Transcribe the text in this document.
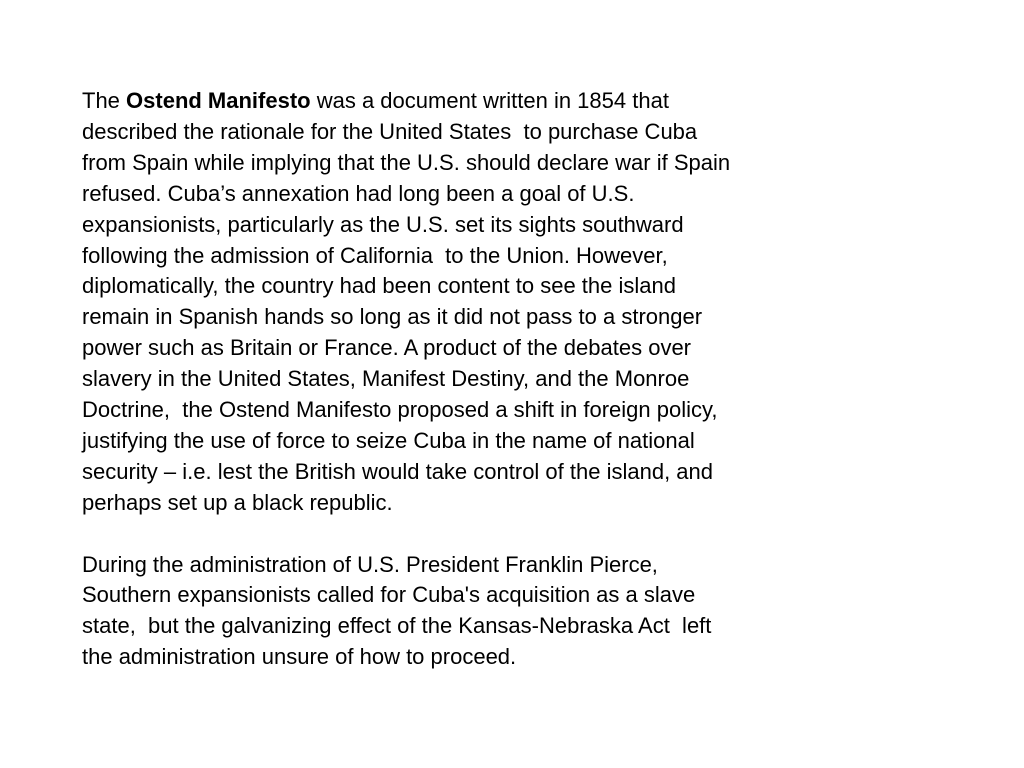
The Ostend Manifesto was a document written in 1854 that
described the rationale for the United States  to purchase Cuba
from Spain while implying that the U.S. should declare war if Spain
refused. Cuba’s annexation had long been a goal of U.S.
expansionists, particularly as the U.S. set its sights southward
following the admission of California  to the Union. However,
diplomatically, the country had been content to see the island
remain in Spanish hands so long as it did not pass to a stronger
power such as Britain or France. A product of the debates over
slavery in the United States, Manifest Destiny, and the Monroe
Doctrine,  the Ostend Manifesto proposed a shift in foreign policy,
justifying the use of force to seize Cuba in the name of national
security – i.e. lest the British would take control of the island, and
perhaps set up a black republic.

During the administration of U.S. President Franklin Pierce,
Southern expansionists called for Cuba's acquisition as a slave
state,  but the galvanizing effect of the Kansas-Nebraska Act  left
the administration unsure of how to proceed.
